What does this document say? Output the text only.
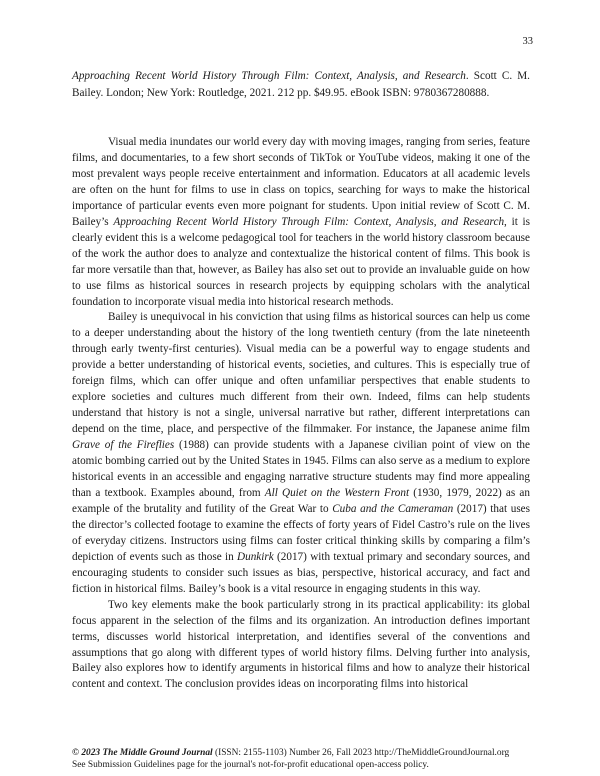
33
Approaching Recent World History Through Film: Context, Analysis, and Research. Scott C. M. Bailey. London; New York: Routledge, 2021. 212 pp. $49.95. eBook ISBN: 9780367280888.

Visual media inundates our world every day with moving images, ranging from series, feature films, and documentaries, to a few short seconds of TikTok or YouTube videos, making it one of the most prevalent ways people receive entertainment and information. Educators at all academic levels are often on the hunt for films to use in class on topics, searching for ways to make the historical importance of particular events even more poignant for students. Upon initial review of Scott C. M. Bailey’s Approaching Recent World History Through Film: Context, Analysis, and Research, it is clearly evident this is a welcome pedagogical tool for teachers in the world history classroom because of the work the author does to analyze and contextualize the historical content of films. This book is far more versatile than that, however, as Bailey has also set out to provide an invaluable guide on how to use films as historical sources in research projects by equipping scholars with the analytical foundation to incorporate visual media into historical research methods.

Bailey is unequivocal in his conviction that using films as historical sources can help us come to a deeper understanding about the history of the long twentieth century (from the late nineteenth through early twenty-first centuries). Visual media can be a powerful way to engage students and provide a better understanding of historical events, societies, and cultures. This is especially true of foreign films, which can offer unique and often unfamiliar perspectives that enable students to explore societies and cultures much different from their own. Indeed, films can help students understand that history is not a single, universal narrative but rather, different interpretations can depend on the time, place, and perspective of the filmmaker. For instance, the Japanese anime film Grave of the Fireflies (1988) can provide students with a Japanese civilian point of view on the atomic bombing carried out by the United States in 1945. Films can also serve as a medium to explore historical events in an accessible and engaging narrative structure students may find more appealing than a textbook. Examples abound, from All Quiet on the Western Front (1930, 1979, 2022) as an example of the brutality and futility of the Great War to Cuba and the Cameraman (2017) that uses the director’s collected footage to examine the effects of forty years of Fidel Castro’s rule on the lives of everyday citizens. Instructors using films can foster critical thinking skills by comparing a film’s depiction of events such as those in Dunkirk (2017) with textual primary and secondary sources, and encouraging students to consider such issues as bias, perspective, historical accuracy, and fact and fiction in historical films. Bailey’s book is a vital resource in engaging students in this way.

Two key elements make the book particularly strong in its practical applicability: its global focus apparent in the selection of the films and its organization. An introduction defines important terms, discusses world historical interpretation, and identifies several of the conventions and assumptions that go along with different types of world history films. Delving further into analysis, Bailey also explores how to identify arguments in historical films and how to analyze their historical content and context. The conclusion provides ideas on incorporating films into historical

© 2023 The Middle Ground Journal (ISSN: 2155-1103) Number 26, Fall 2023 http://TheMiddleGroundJournal.org
See Submission Guidelines page for the journal's not-for-profit educational open-access policy.
